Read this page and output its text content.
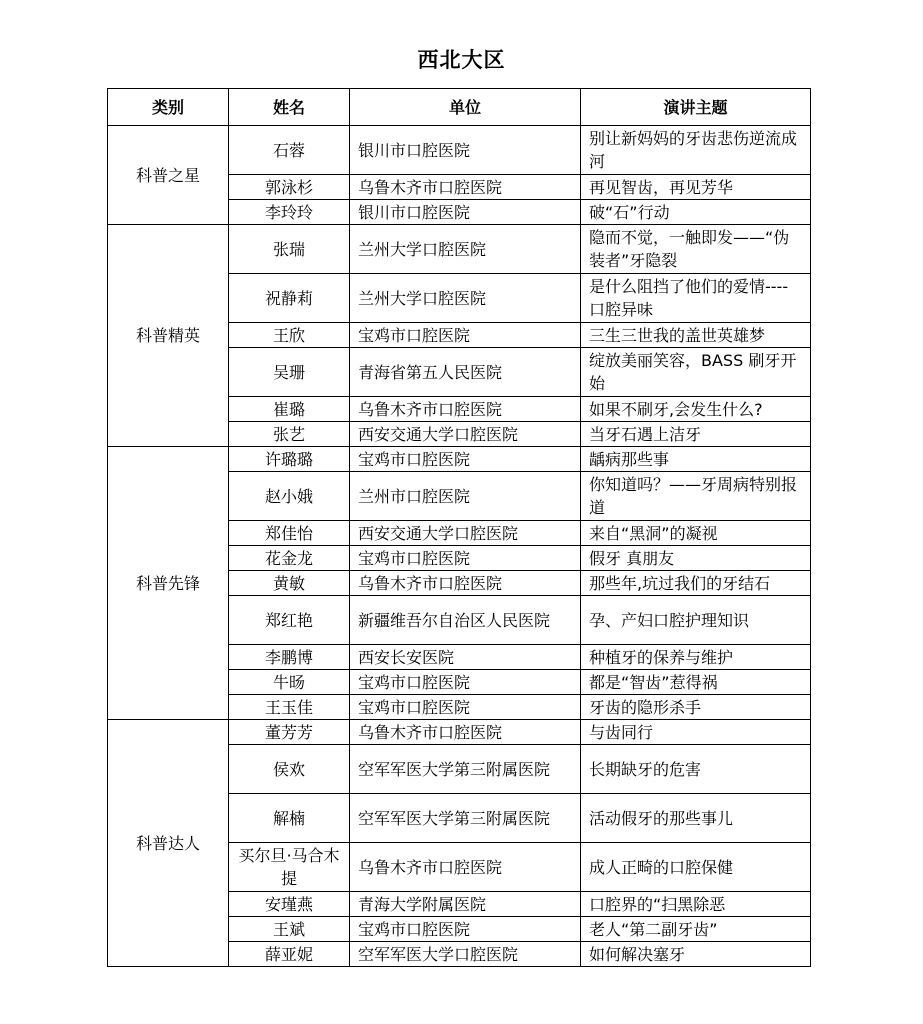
西北大区
类别	姓名	单位	演讲主题
科普之星	石蓉	银川市口腔医院	别让新妈妈的牙齿悲伤逆流成河
	郭泳杉	乌鲁木齐市口腔医院	再见智齿，再见芳华
	李玲玲	银川市口腔医院	破“石”行动
科普精英	张瑞	兰州大学口腔医院	隐而不觉，一触即发——“伪装者”牙隐裂
	祝静莉	兰州大学口腔医院	是什么阻挡了他们的爱情----口腔异味
	王欣	宝鸡市口腔医院	三生三世我的盖世英雄梦
	吴珊	青海省第五人民医院	绽放美丽笑容，BASS 刷牙开始
	崔璐	乌鲁木齐市口腔医院	如果不刷牙,会发生什么?
	张艺	西安交通大学口腔医院	当牙石遇上洁牙
科普先锋	许璐璐	宝鸡市口腔医院	龋病那些事
	赵小娥	兰州市口腔医院	你知道吗？——牙周病特别报道
	郑佳怡	西安交通大学口腔医院	来自“黑洞”的凝视
	花金龙	宝鸡市口腔医院	假牙 真朋友
	黄敏	乌鲁木齐市口腔医院	那些年,坑过我们的牙结石
	郑红艳	新疆维吾尔自治区人民医院	孕、产妇口腔护理知识
	李鹏博	西安长安医院	种植牙的保养与维护
	牛旸	宝鸡市口腔医院	都是“智齿”惹得祸
	王玉佳	宝鸡市口腔医院	牙齿的隐形杀手
科普达人	董芳芳	乌鲁木齐市口腔医院	与齿同行
	侯欢	空军军医大学第三附属医院	长期缺牙的危害
	解楠	空军军医大学第三附属医院	活动假牙的那些事儿
	买尔旦·马合木提	乌鲁木齐市口腔医院	成人正畸的口腔保健
	安瑾燕	青海大学附属医院	口腔界的“扫黑除恶
	王斌	宝鸡市口腔医院	老人“第二副牙齿”
	薛亚妮	空军军医大学口腔医院	如何解决塞牙
